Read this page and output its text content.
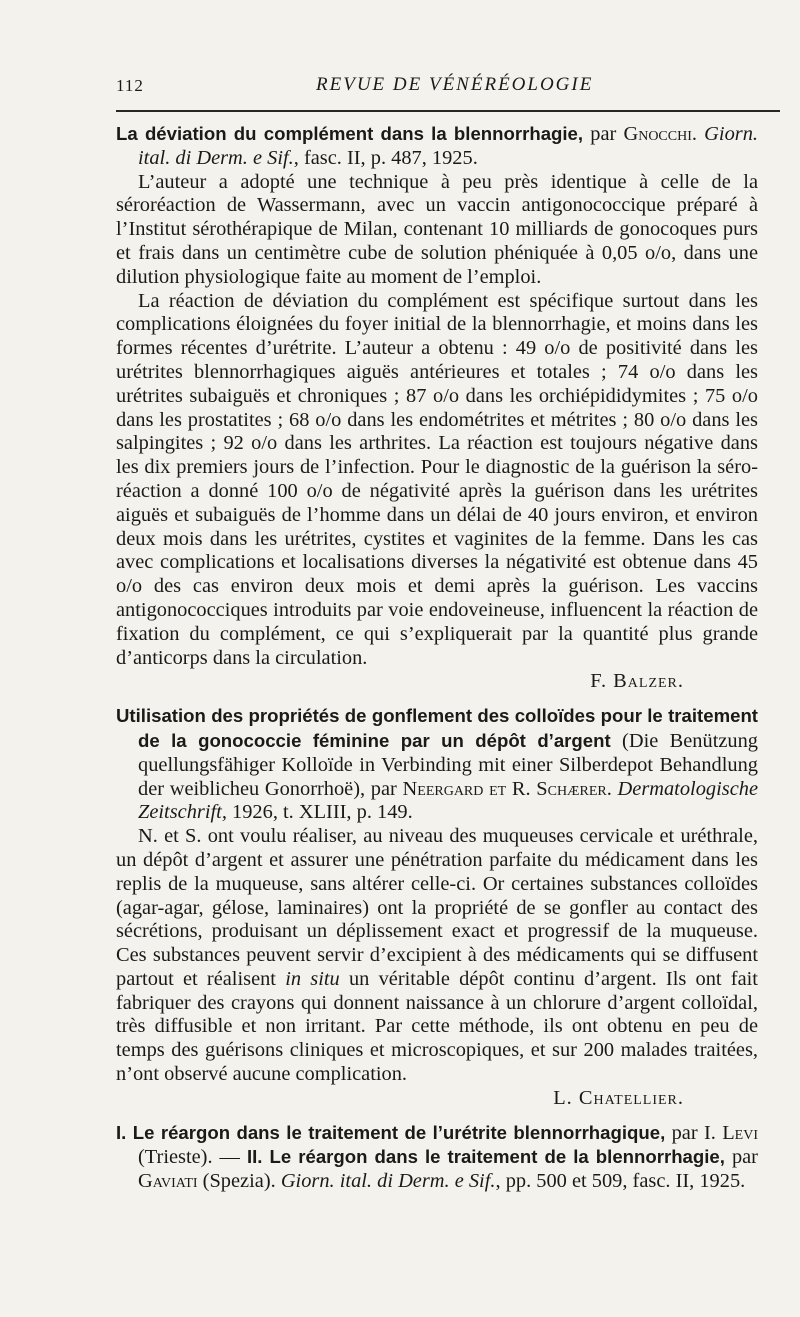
112	REVUE DE VÉNÉRÉOLOGIE

La déviation du complément dans la blennorrhagie, par Gnocchi. Giorn. ital. di Derm. e Sif., fasc. II, p. 487, 1925.

L’auteur a adopté une technique à peu près identique à celle de la séroréaction de Wassermann, avec un vaccin antigonococcique préparé à l’Institut sérothérapique de Milan, contenant 10 milliards de gonocoques purs et frais dans un centimètre cube de solution phéniquée à 0,05 o/o, dans une dilution physiologique faite au moment de l’emploi.

La réaction de déviation du complément est spécifique surtout dans les complications éloignées du foyer initial de la blennorrhagie, et moins dans les formes récentes d’urétrite. L’auteur a obtenu : 49 o/o de positivité dans les urétrites blennorrhagiques aiguës antérieures et totales ; 74 o/o dans les urétrites subaiguës et chroniques ; 87 o/o dans les orchiépididymites ; 75 o/o dans les prostatites ; 68 o/o dans les endométrites et métrites ; 80 o/o dans les salpingites ; 92 o/o dans les arthrites. La réaction est toujours négative dans les dix premiers jours de l’infection. Pour le diagnostic de la guérison la séro-réaction a donné 100 o/o de négativité après la guérison dans les urétrites aiguës et subaiguës de l’homme dans un délai de 40 jours environ, et environ deux mois dans les urétrites, cystites et vaginites de la femme. Dans les cas avec complications et localisations diverses la négativité est obtenue dans 45 o/o des cas environ deux mois et demi après la guérison. Les vaccins antigonococciques introduits par voie endoveineuse, influencent la réaction de fixation du complément, ce qui s’expliquerait par la quantité plus grande d’anticorps dans la circulation.

F. Balzer.

Utilisation des propriétés de gonflement des colloïdes pour le traitement de la gonococcie féminine par un dépôt d’argent (Die Benützung quellungsfähiger Kolloïde in Verbinding mit einer Silberdepot Behandlung der weiblicheu Gonorrhoë), par Neergard et R. Schærer. Dermatologische Zeitschrift, 1926, t. XLIII, p. 149.

N. et S. ont voulu réaliser, au niveau des muqueuses cervicale et uréthrale, un dépôt d’argent et assurer une pénétration parfaite du médicament dans les replis de la muqueuse, sans altérer celle-ci. Or certaines substances colloïdes (agar-agar, gélose, laminaires) ont la propriété de se gonfler au contact des sécrétions, produisant un déplissement exact et progressif de la muqueuse. Ces substances peuvent servir d’excipient à des médicaments qui se diffusent partout et réalisent in situ un véritable dépôt continu d’argent. Ils ont fait fabriquer des crayons qui donnent naissance à un chlorure d’argent colloïdal, très diffusible et non irritant. Par cette méthode, ils ont obtenu en peu de temps des guérisons cliniques et microscopiques, et sur 200 malades traitées, n’ont observé aucune complication.

L. Chatellier.

I. Le réargon dans le traitement de l’urétrite blennorrhagique, par I. Levi (Trieste). — II. Le réargon dans le traitement de la blennorrhagie, par Gaviati (Spezia). Giorn. ital. di Derm. e Sif., pp. 500 et 509, fasc. II, 1925.
